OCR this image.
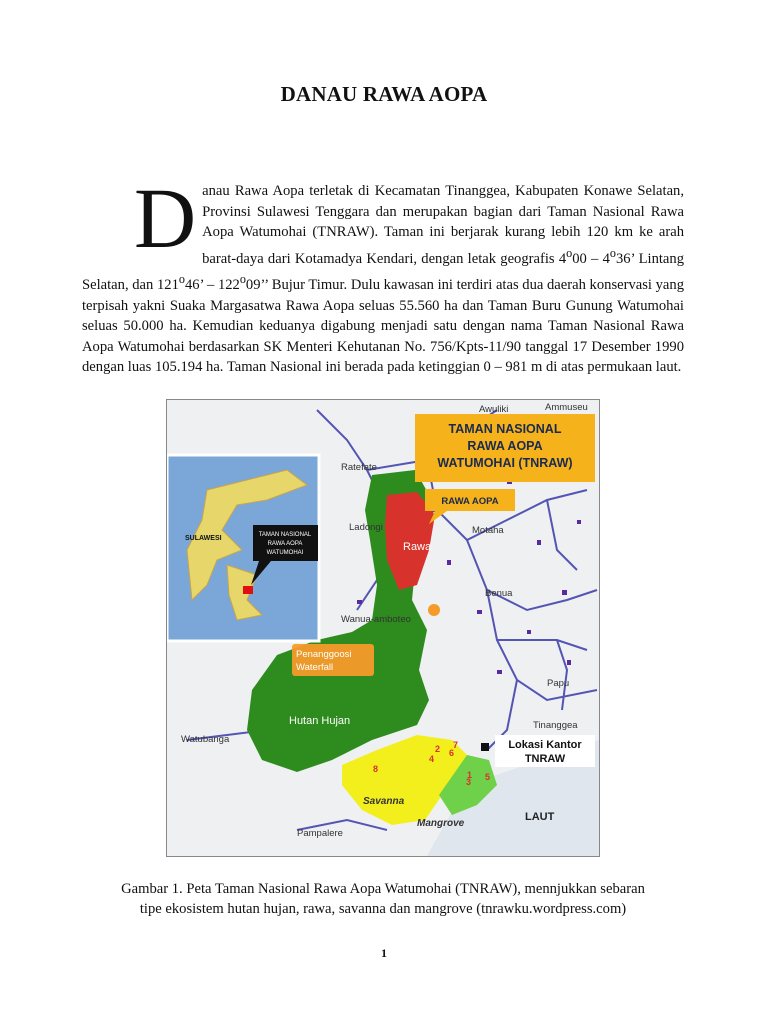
DANAU RAWA AOPA
Danau Rawa Aopa terletak di Kecamatan Tinanggea, Kabupaten Konawe Selatan, Provinsi Sulawesi Tenggara dan merupakan bagian dari Taman Nasional Rawa Aopa Watumohai (TNRAW). Taman ini berjarak kurang lebih 120 km ke arah barat-daya dari Kotamadya Kendari, dengan letak geografis 4$^o$00 – 4$^o$36’ Lintang Selatan, dan 121$^o$46’ – 122$^o$09’’ Bujur Timur. Dulu kawasan ini terdiri atas dua daerah konservasi yang terpisah yakni Suaka Margasatwa Rawa Aopa seluas 55.560 ha dan Taman Buru Gunung Watumohai seluas 50.000 ha. Kemudian keduanya digabung menjadi satu dengan nama Taman Nasional Rawa Aopa Watumohai berdasarkan SK Menteri Kehutanan No. 756/Kpts-11/90 tanggal 17 Desember 1990 dengan luas 105.194 ha. Taman Nasional ini berada pada ketinggian 0 – 981 m di atas permukaan laut.
TAMAN NASIONAL
RAWA AOPA
WATUMOHAI
SULAWESI
TAMAN NASIONAL
RAWA AOPA
WATUMOHAI (TNRAW)
RAWA AOPA
Penanggoosi
Waterfall
Lokasi Kantor
TNRAW
Awuliki	Ammuseu
Ratefate
Ladongi	Motaha
Rawa
Benua
Wanua-amboteo
Papu
Hutan Hujan
Watubanga
Tinanggea
Savanna
Mangrove
LAUT
Pampalere
1
2
3
4
5
6
7
8
Gambar 1. Peta Taman Nasional Rawa Aopa Watumohai (TNRAW), mennjukkan sebaran
tipe ekosistem hutan hujan, rawa, savanna dan mangrove (tnrawku.wordpress.com)
1
